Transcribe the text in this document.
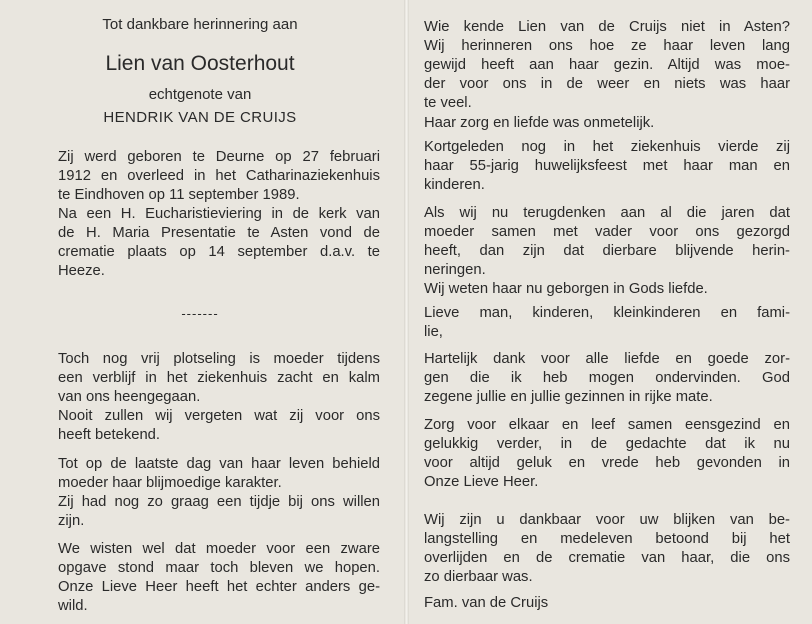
Tot dankbare herinnering aan
Lien van Oosterhout
echtgenote van
HENDRIK VAN DE CRUIJS

Zij werd geboren te Deurne op 27 februari
1912 en overleed in het Catharinaziekenhuis
te Eindhoven op 11 september 1989.

Na een H. Eucharistieviering in de kerk van
de H. Maria Presentatie te Asten vond de
crematie plaats op 14 september d.a.v. te
Heeze.

-------

Toch nog vrij plotseling is moeder tijdens
een verblijf in het ziekenhuis zacht en kalm
van ons heengegaan.

Nooit zullen wij vergeten wat zij voor ons
heeft betekend.

Tot op de laatste dag van haar leven behield
moeder haar blijmoedige karakter.

Zij had nog zo graag een tijdje bij ons willen
zijn.

We wisten wel dat moeder voor een zware
opgave stond maar toch bleven we hopen.

Onze Lieve Heer heeft het echter anders ge-
wild.

Wie kende Lien van de Cruijs niet in Asten?
Wij herinneren ons hoe ze haar leven lang
gewijd heeft aan haar gezin. Altijd was moe-
der voor ons in de weer en niets was haar
te veel.

Haar zorg en liefde was onmetelijk.

Kortgeleden nog in het ziekenhuis vierde zij
haar 55-jarig huwelijksfeest met haar man en
kinderen.

Als wij nu terugdenken aan al die jaren dat
moeder samen met vader voor ons gezorgd
heeft, dan zijn dat dierbare blijvende herin-
neringen.

Wij weten haar nu geborgen in Gods liefde.

Lieve man, kinderen, kleinkinderen en fami-
lie,

Hartelijk dank voor alle liefde en goede zor-
gen die ik heb mogen ondervinden. God
zegene jullie en jullie gezinnen in rijke mate.

Zorg voor elkaar en leef samen eensgezind en
gelukkig verder, in de gedachte dat ik nu
voor altijd geluk en vrede heb gevonden in
Onze Lieve Heer.

Wij zijn u dankbaar voor uw blijken van be-
langstelling en medeleven betoond bij het
overlijden en de crematie van haar, die ons
zo dierbaar was.

Fam. van de Cruijs
